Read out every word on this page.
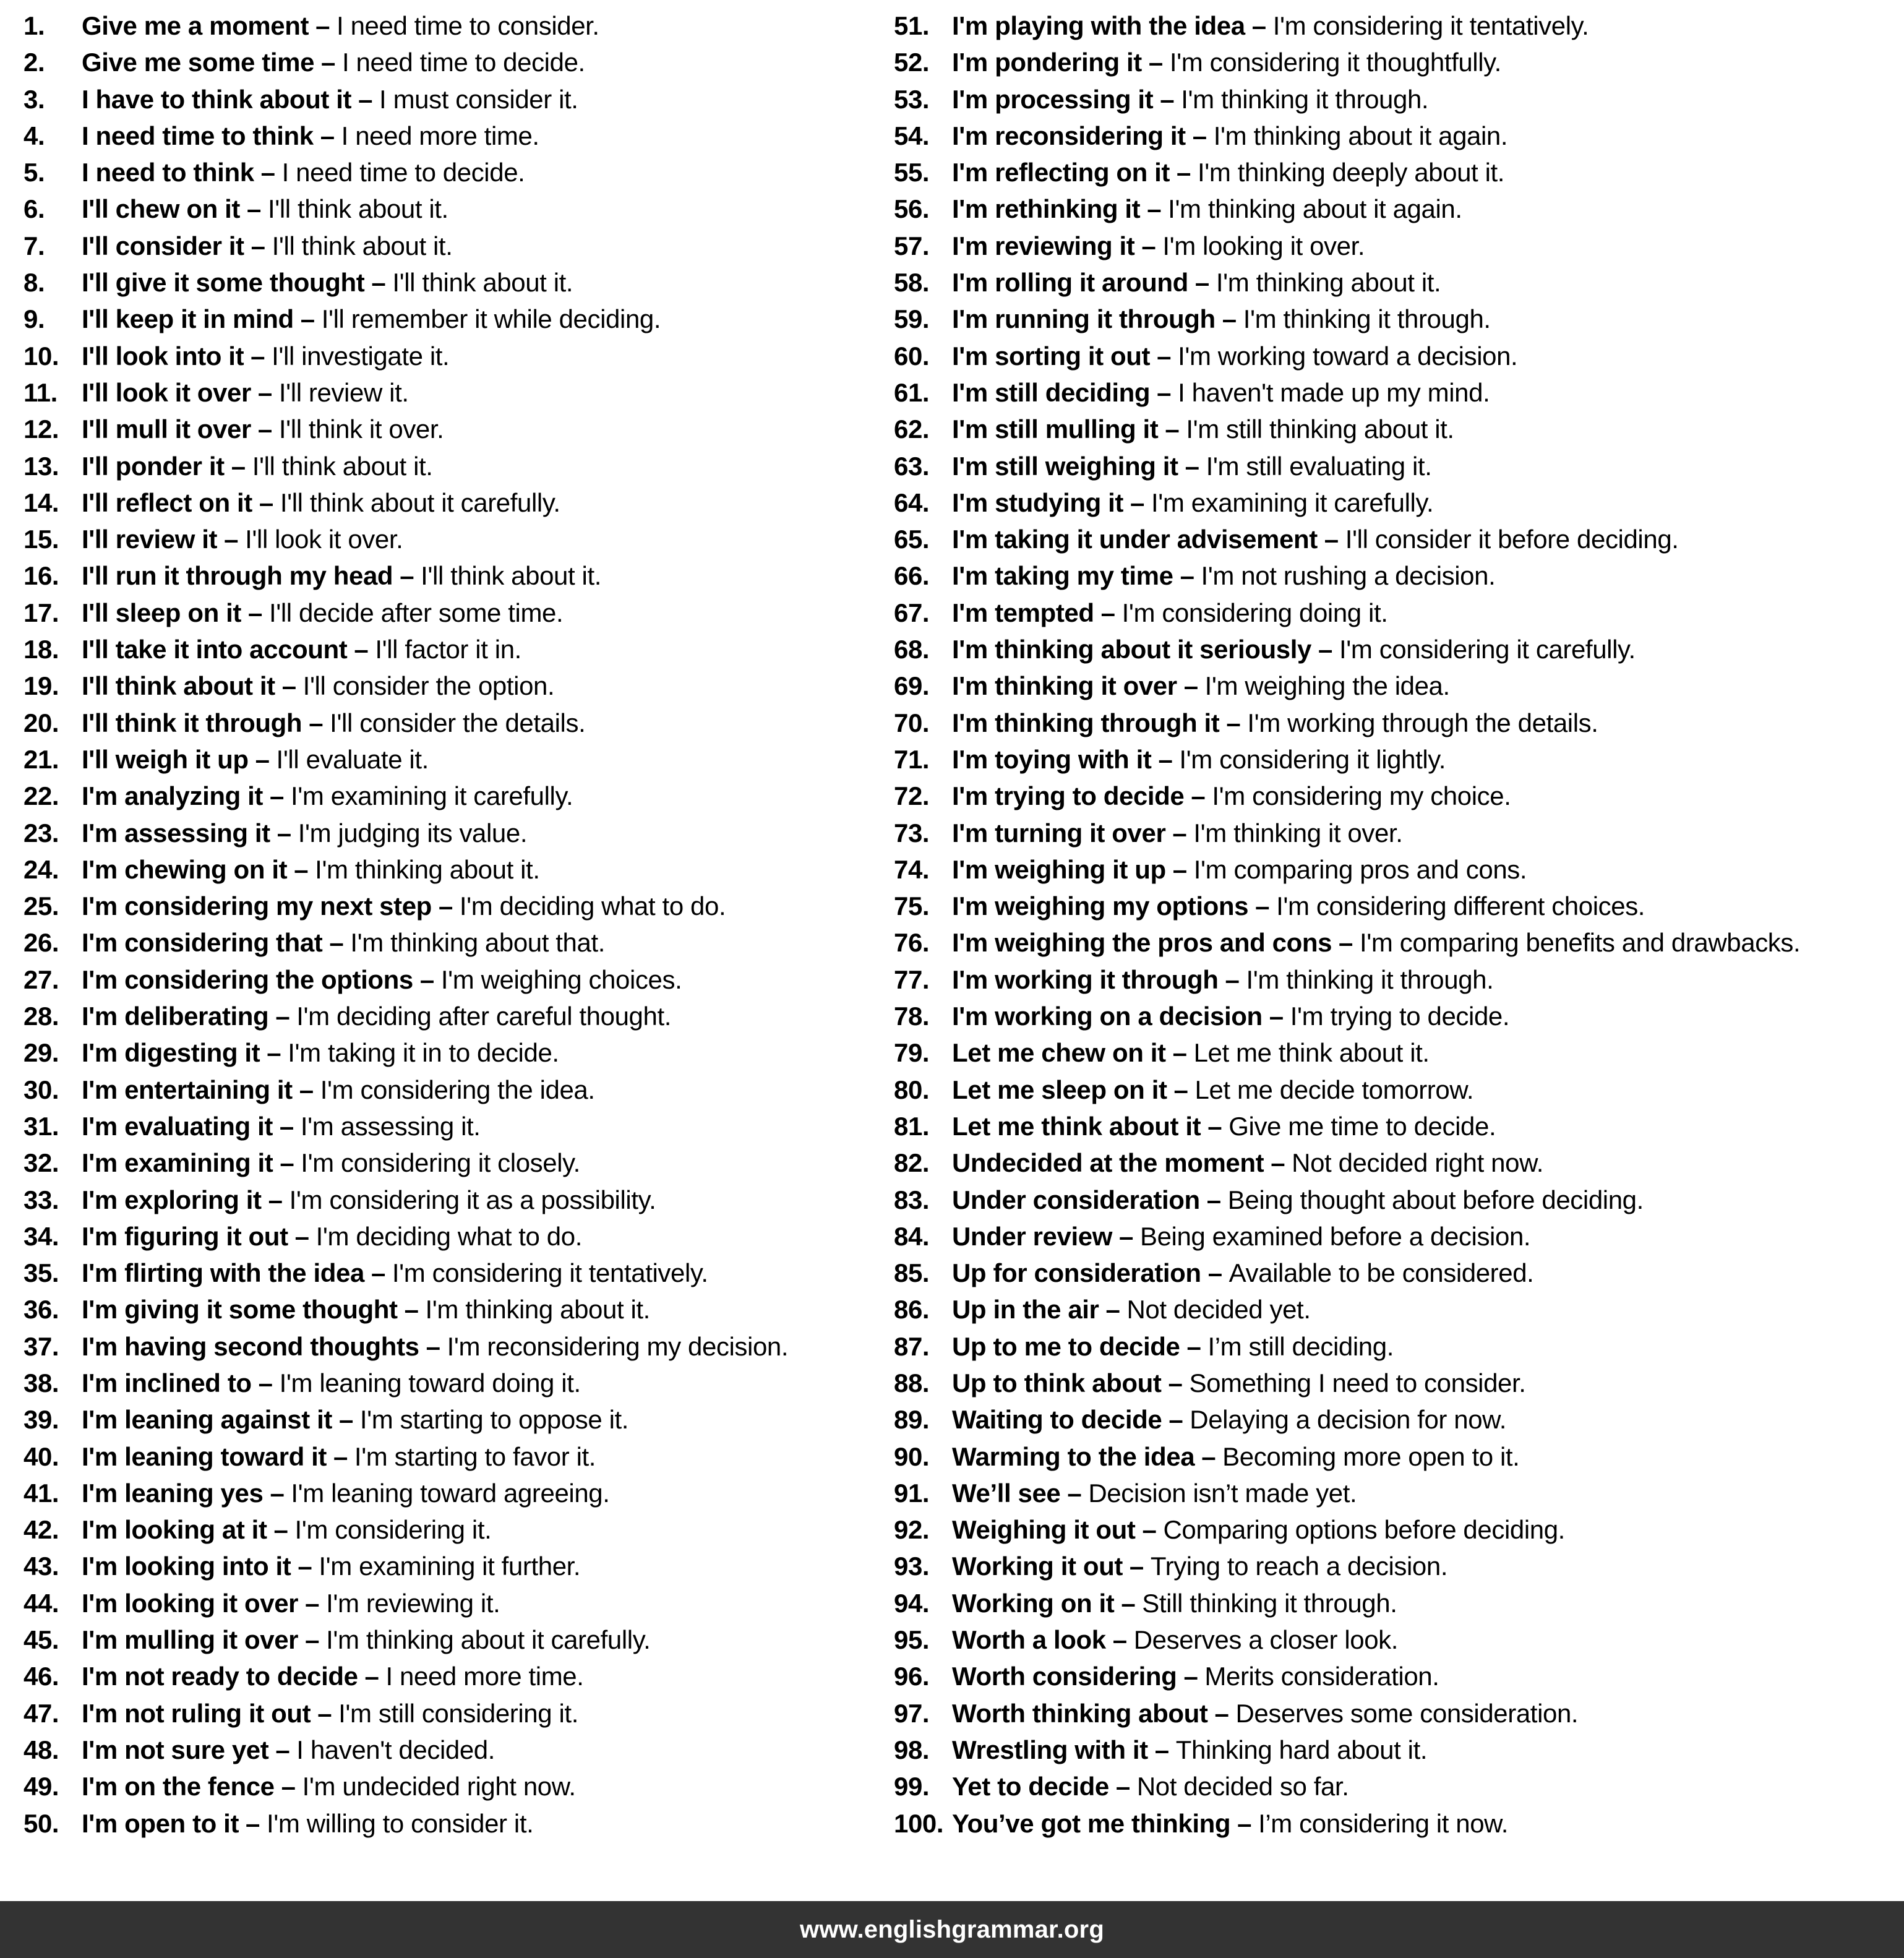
1.	Give me a moment – I need time to consider.
2.	Give me some time – I need time to decide.
3.	I have to think about it – I must consider it.
4.	I need time to think – I need more time.
5.	I need to think – I need time to decide.
6.	I'll chew on it – I'll think about it.
7.	I'll consider it – I'll think about it.
8.	I'll give it some thought – I'll think about it.
9.	I'll keep it in mind – I'll remember it while deciding.
10. I'll look into it – I'll investigate it.
11. I'll look it over – I'll review it.
12. I'll mull it over – I'll think it over.
13. I'll ponder it – I'll think about it.
14. I'll reflect on it – I'll think about it carefully.
15. I'll review it – I'll look it over.
16. I'll run it through my head – I'll think about it.
17. I'll sleep on it – I'll decide after some time.
18. I'll take it into account – I'll factor it in.
19. I'll think about it – I'll consider the option.
20. I'll think it through – I'll consider the details.
21. I'll weigh it up – I'll evaluate it.
22. I'm analyzing it – I'm examining it carefully.
23. I'm assessing it – I'm judging its value.
24. I'm chewing on it – I'm thinking about it.
25. I'm considering my next step – I'm deciding what to do.
26. I'm considering that – I'm thinking about that.
27. I'm considering the options – I'm weighing choices.
28. I'm deliberating – I'm deciding after careful thought.
29. I'm digesting it – I'm taking it in to decide.
30. I'm entertaining it – I'm considering the idea.
31. I'm evaluating it – I'm assessing it.
32. I'm examining it – I'm considering it closely.
33. I'm exploring it – I'm considering it as a possibility.
34. I'm figuring it out – I'm deciding what to do.
35. I'm flirting with the idea – I'm considering it tentatively.
36. I'm giving it some thought – I'm thinking about it.
37. I'm having second thoughts – I'm reconsidering my decision.
38. I'm inclined to – I'm leaning toward doing it.
39. I'm leaning against it – I'm starting to oppose it.
40. I'm leaning toward it – I'm starting to favor it.
41. I'm leaning yes – I'm leaning toward agreeing.
42. I'm looking at it – I'm considering it.
43. I'm looking into it – I'm examining it further.
44. I'm looking it over – I'm reviewing it.
45. I'm mulling it over – I'm thinking about it carefully.
46. I'm not ready to decide – I need more time.
47. I'm not ruling it out – I'm still considering it.
48. I'm not sure yet – I haven't decided.
49. I'm on the fence – I'm undecided right now.
50. I'm open to it – I'm willing to consider it.
51. I'm playing with the idea – I'm considering it tentatively.
52. I'm pondering it – I'm considering it thoughtfully.
53. I'm processing it – I'm thinking it through.
54. I'm reconsidering it – I'm thinking about it again.
55. I'm reflecting on it – I'm thinking deeply about it.
56. I'm rethinking it – I'm thinking about it again.
57. I'm reviewing it – I'm looking it over.
58. I'm rolling it around – I'm thinking about it.
59. I'm running it through – I'm thinking it through.
60. I'm sorting it out – I'm working toward a decision.
61. I'm still deciding – I haven't made up my mind.
62. I'm still mulling it – I'm still thinking about it.
63. I'm still weighing it – I'm still evaluating it.
64. I'm studying it – I'm examining it carefully.
65. I'm taking it under advisement – I'll consider it before deciding.
66. I'm taking my time – I'm not rushing a decision.
67. I'm tempted – I'm considering doing it.
68. I'm thinking about it seriously – I'm considering it carefully.
69. I'm thinking it over – I'm weighing the idea.
70. I'm thinking through it – I'm working through the details.
71. I'm toying with it – I'm considering it lightly.
72. I'm trying to decide – I'm considering my choice.
73. I'm turning it over – I'm thinking it over.
74. I'm weighing it up – I'm comparing pros and cons.
75. I'm weighing my options – I'm considering different choices.
76. I'm weighing the pros and cons – I'm comparing benefits and drawbacks.
77. I'm working it through – I'm thinking it through.
78. I'm working on a decision – I'm trying to decide.
79. Let me chew on it – Let me think about it.
80. Let me sleep on it – Let me decide tomorrow.
81. Let me think about it – Give me time to decide.
82. Undecided at the moment – Not decided right now.
83. Under consideration – Being thought about before deciding.
84. Under review – Being examined before a decision.
85. Up for consideration – Available to be considered.
86. Up in the air – Not decided yet.
87. Up to me to decide – I’m still deciding.
88. Up to think about – Something I need to consider.
89. Waiting to decide – Delaying a decision for now.
90. Warming to the idea – Becoming more open to it.
91. We’ll see – Decision isn’t made yet.
92. Weighing it out – Comparing options before deciding.
93. Working it out – Trying to reach a decision.
94. Working on it – Still thinking it through.
95. Worth a look – Deserves a closer look.
96. Worth considering – Merits consideration.
97. Worth thinking about – Deserves some consideration.
98. Wrestling with it – Thinking hard about it.
99. Yet to decide – Not decided so far.
100. You’ve got me thinking – I’m considering it now.
www.englishgrammar.org
